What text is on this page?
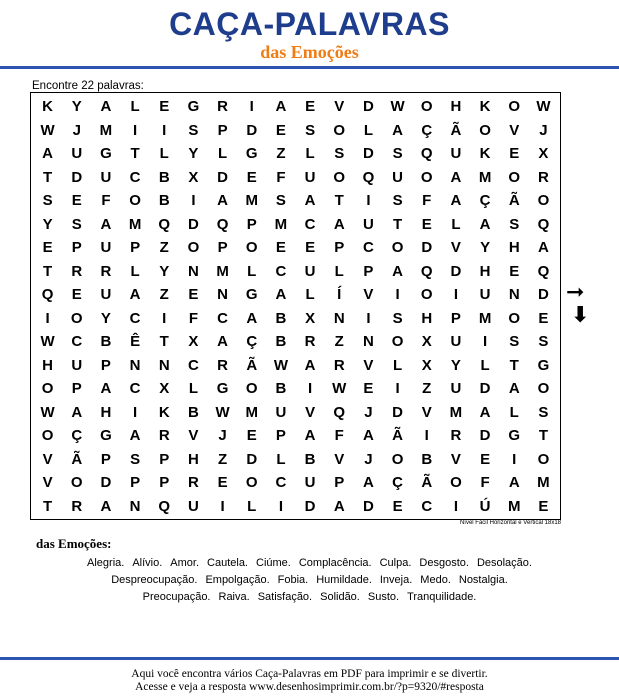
CAÇA-PALAVRAS
das Emoções
Encontre 22 palavras:
K	Y	A	L	E	G	R	I	A	E	V	D	W	O	H	K	O	W
W	J	M	I	I	S	P	D	E	S	O	L	A	Ç	Ã	O	V	J
A	U	G	T	L	Y	L	G	Z	L	S	D	S	Q	U	K	E	X
T	D	U	C	B	X	D	E	F	U	O	Q	U	O	A	M	O	R
S	E	F	O	B	I	A	M	S	A	T	I	S	F	A	Ç	Ã	O
Y	S	A	M	Q	D	Q	P	M	C	A	U	T	E	L	A	S	Q
E	P	U	P	Z	O	P	O	E	E	P	C	O	D	V	Y	H	A
T	R	R	L	Y	N	M	L	C	U	L	P	A	Q	D	H	E	Q
Q	E	U	A	Z	E	N	G	A	L	Í	V	I	O	I	U	N	D
I	O	Y	C	I	F	C	A	B	X	N	I	S	H	P	M	O	E
W	C	B	Ê	T	X	A	Ç	B	R	Z	N	O	X	U	I	S	S
H	U	P	N	N	C	R	Ã	W	A	R	V	L	X	Y	L	T	G
O	P	A	C	X	L	G	O	B	I	W	E	I	Z	U	D	A	O
W	A	H	I	K	B	W	M	U	V	Q	J	D	V	M	A	L	S
O	Ç	G	A	R	V	J	E	P	A	F	A	Ã	I	R	D	G	T
V	Ã	P	S	P	H	Z	D	L	B	V	J	O	B	V	E	I	O
V	O	D	P	P	R	E	O	C	U	P	A	Ç	Ã	O	F	A	M
T	R	A	N	Q	U	I	L	I	D	A	D	E	C	I	Ú	M	E
Nível Fácil Horizontal e Vertical 18x18
➞
⬇
das Emoções:
Alegria. Alívio. Amor. Cautela. Ciúme. Complacência. Culpa. Desgosto. Desolação.
Despreocupação. Empolgação. Fobia. Humildade. Inveja. Medo. Nostalgia.
Preocupação. Raiva. Satisfação. Solidão. Susto. Tranquilidade.
Aqui você encontra vários Caça-Palavras em PDF para imprimir e se divertir.
Acesse e veja a resposta www.desenhosimprimir.com.br/?p=9320/#resposta
